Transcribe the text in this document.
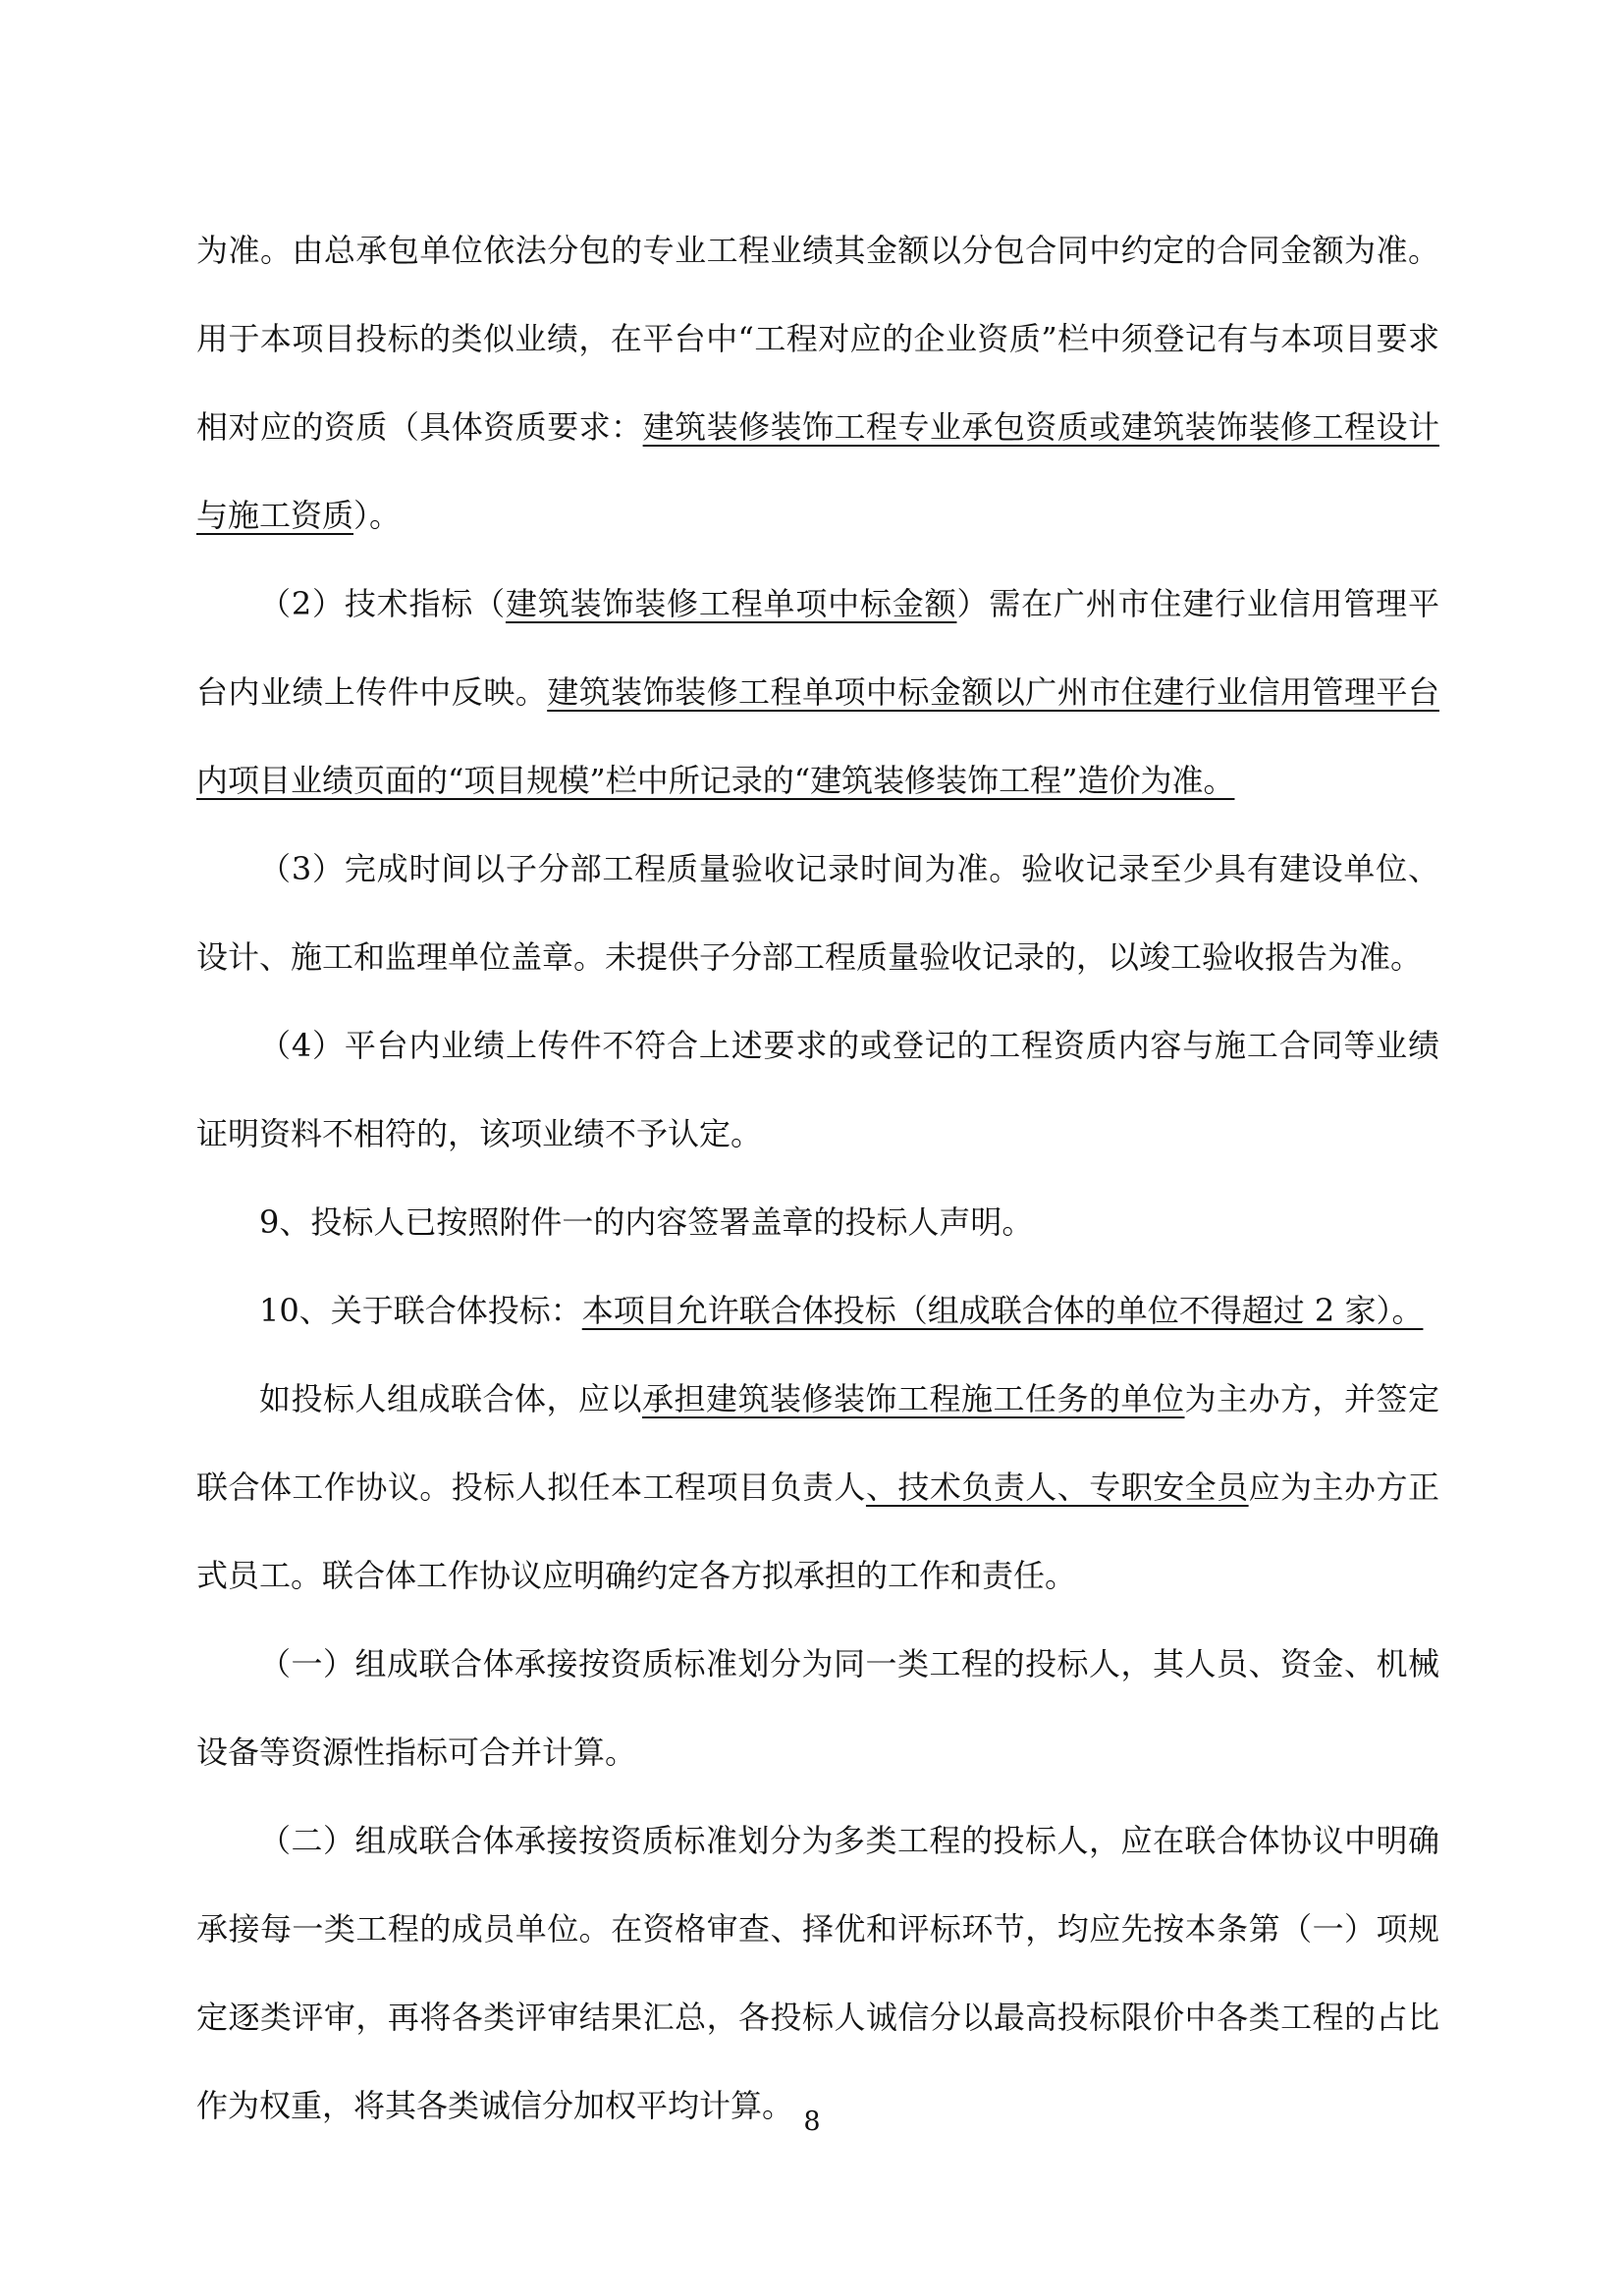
为准。由总承包单位依法分包的专业工程业绩其金额以分包合同中约定的合同金额为准。用于本项目投标的类似业绩，在平台中“工程对应的企业资质”栏中须登记有与本项目要求相对应的资质（具体资质要求：建筑装修装饰工程专业承包资质或建筑装饰装修工程设计与施工资质）。

（2）技术指标（建筑装饰装修工程单项中标金额）需在广州市住建行业信用管理平台内业绩上传件中反映。建筑装饰装修工程单项中标金额以广州市住建行业信用管理平台内项目业绩页面的“项目规模”栏中所记录的“建筑装修装饰工程”造价为准。

（3）完成时间以子分部工程质量验收记录时间为准。验收记录至少具有建设单位、设计、施工和监理单位盖章。未提供子分部工程质量验收记录的，以竣工验收报告为准。

（4）平台内业绩上传件不符合上述要求的或登记的工程资质内容与施工合同等业绩证明资料不相符的，该项业绩不予认定。

9、投标人已按照附件一的内容签署盖章的投标人声明。

10、关于联合体投标：本项目允许联合体投标（组成联合体的单位不得超过 2 家）。

如投标人组成联合体，应以承担建筑装修装饰工程施工任务的单位为主办方，并签定联合体工作协议。投标人拟任本工程项目负责人、技术负责人、专职安全员应为主办方正式员工。联合体工作协议应明确约定各方拟承担的工作和责任。

（一）组成联合体承接按资质标准划分为同一类工程的投标人，其人员、资金、机械设备等资源性指标可合并计算。

（二）组成联合体承接按资质标准划分为多类工程的投标人，应在联合体协议中明确承接每一类工程的成员单位。在资格审查、择优和评标环节，均应先按本条第（一）项规定逐类评审，再将各类评审结果汇总，各投标人诚信分以最高投标限价中各类工程的占比作为权重，将其各类诚信分加权平均计算。 8
